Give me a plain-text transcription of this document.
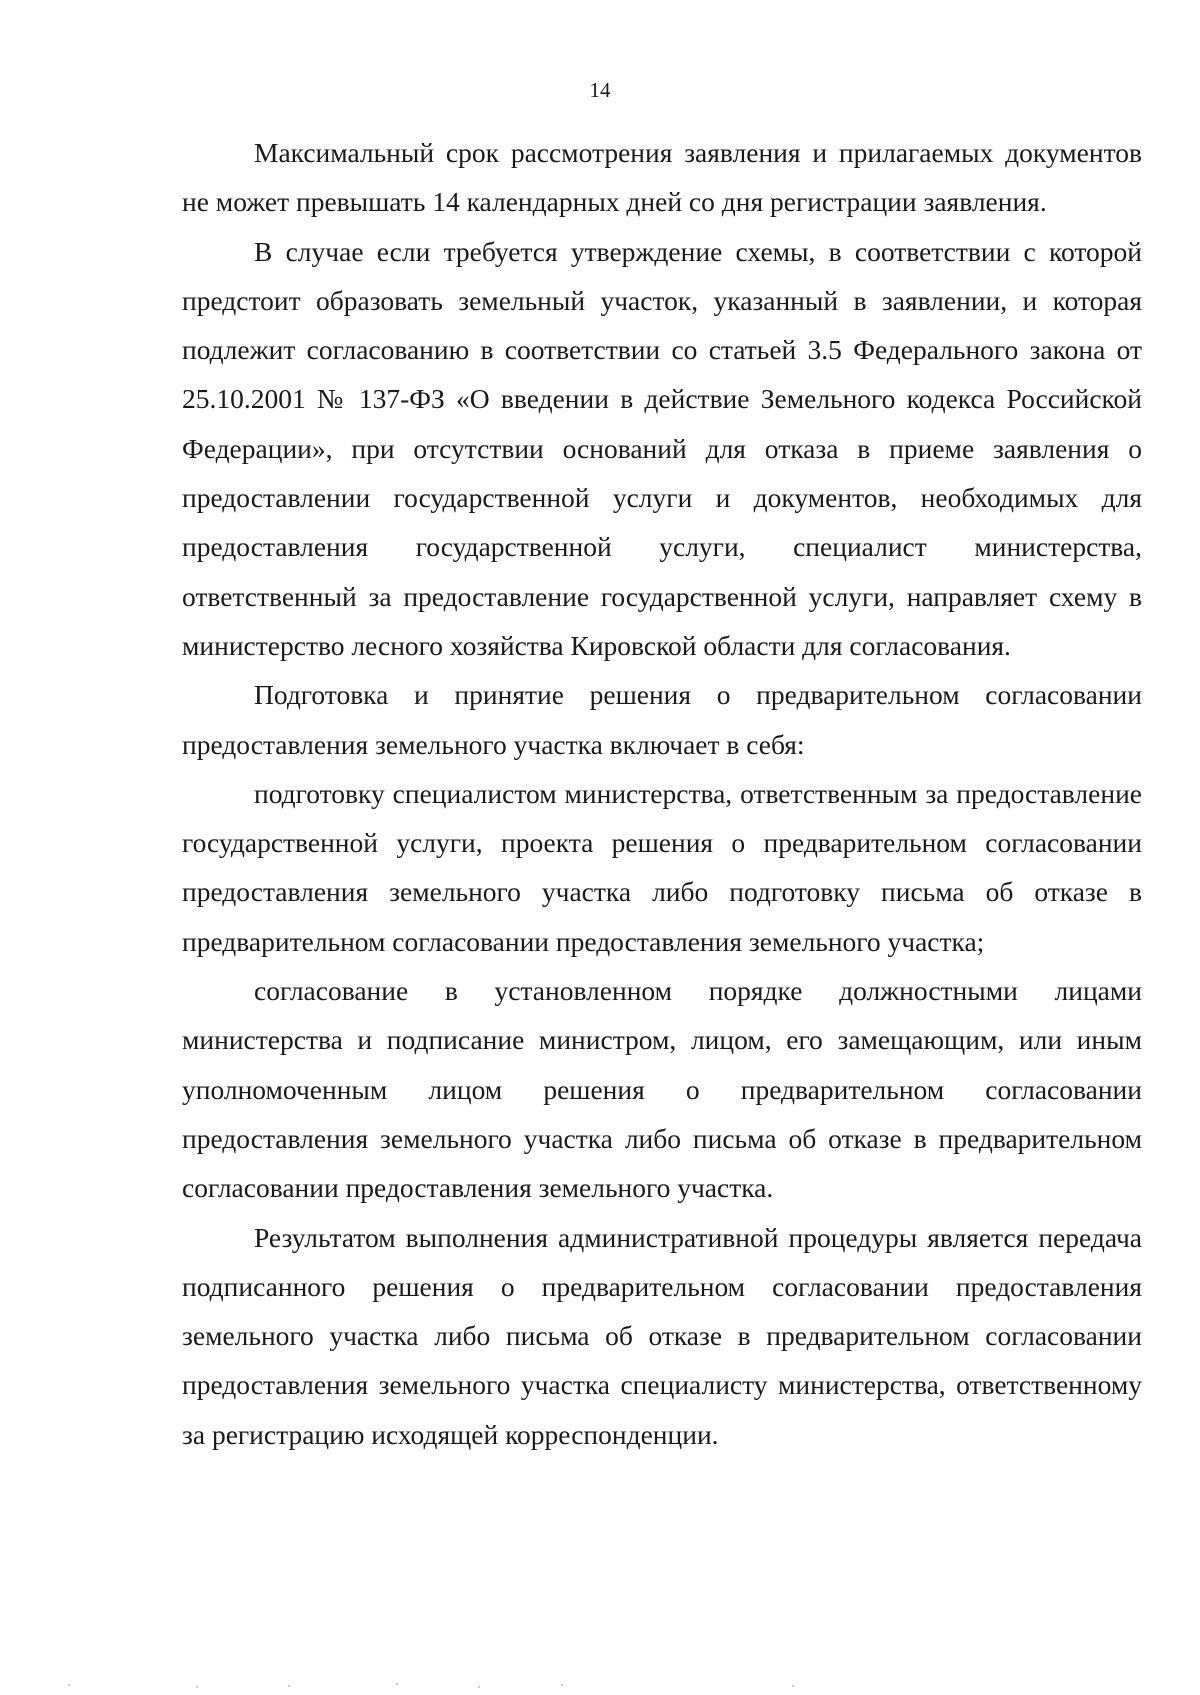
14

Максимальный срок рассмотрения заявления и прилагаемых документов не может превышать 14 календарных дней со дня регистрации заявления.

В случае если требуется утверждение схемы, в соответствии с которой предстоит образовать земельный участок, указанный в заявлении, и которая подлежит согласованию в соответствии со статьей 3.5 Федерального закона от 25.10.2001 № 137-ФЗ «О введении в действие Земельного кодекса Российской Федерации», при отсутствии оснований для отказа в приеме заявления о предоставлении государственной услуги и документов, необходимых для предоставления государственной услуги, специалист министерства, ответственный за предоставление государственной услуги, направляет схему в министерство лесного хозяйства Кировской области для согласования.

Подготовка и принятие решения о предварительном согласовании предоставления земельного участка включает в себя:

подготовку специалистом министерства, ответственным за предоставление государственной услуги, проекта решения о предварительном согласовании предоставления земельного участка либо подготовку письма об отказе в предварительном согласовании предоставления земельного участка;

согласование в установленном порядке должностными лицами министерства и подписание министром, лицом, его замещающим, или иным уполномоченным лицом решения о предварительном согласовании предоставления земельного участка либо письма об отказе в предварительном согласовании предоставления земельного участка.

Результатом выполнения административной процедуры является передача подписанного решения о предварительном согласовании предоставления земельного участка либо письма об отказе в предварительном согласовании предоставления земельного участка специалисту министерства, ответственному за регистрацию исходящей корреспонденции.
